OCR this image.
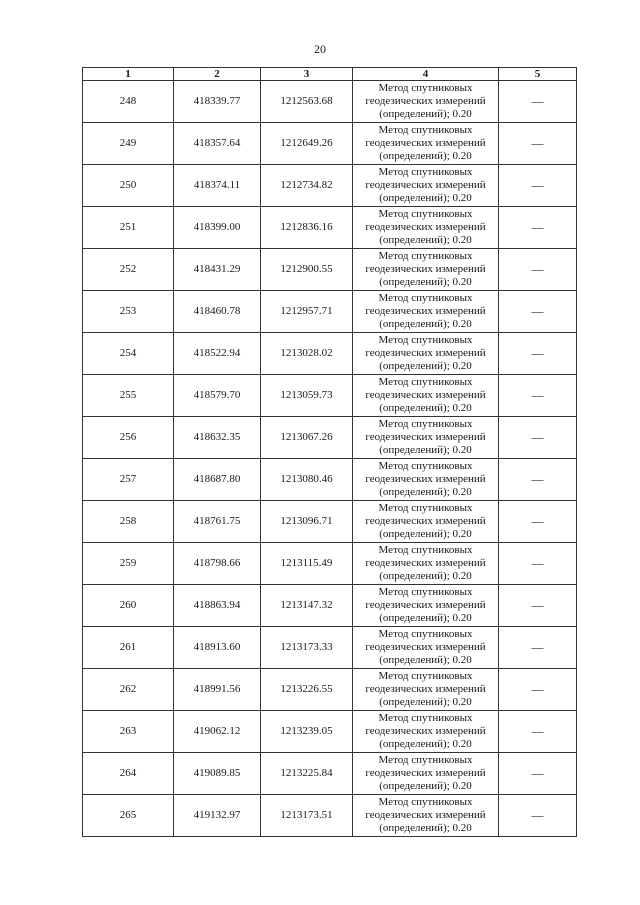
20
1	2	3	4	5
248	418339.77	1212563.68	Метод спутниковых
геодезических измерений
(определений); 0.20	—
249	418357.64	1212649.26	Метод спутниковых
геодезических измерений
(определений); 0.20	—
250	418374.11	1212734.82	Метод спутниковых
геодезических измерений
(определений); 0.20	—
251	418399.00	1212836.16	Метод спутниковых
геодезических измерений
(определений); 0.20	—
252	418431.29	1212900.55	Метод спутниковых
геодезических измерений
(определений); 0.20	—
253	418460.78	1212957.71	Метод спутниковых
геодезических измерений
(определений); 0.20	—
254	418522.94	1213028.02	Метод спутниковых
геодезических измерений
(определений); 0.20	—
255	418579.70	1213059.73	Метод спутниковых
геодезических измерений
(определений); 0.20	—
256	418632.35	1213067.26	Метод спутниковых
геодезических измерений
(определений); 0.20	—
257	418687.80	1213080.46	Метод спутниковых
геодезических измерений
(определений); 0.20	—
258	418761.75	1213096.71	Метод спутниковых
геодезических измерений
(определений); 0.20	—
259	418798.66	1213115.49	Метод спутниковых
геодезических измерений
(определений); 0.20	—
260	418863.94	1213147.32	Метод спутниковых
геодезических измерений
(определений); 0.20	—
261	418913.60	1213173.33	Метод спутниковых
геодезических измерений
(определений); 0.20	—
262	418991.56	1213226.55	Метод спутниковых
геодезических измерений
(определений); 0.20	—
263	419062.12	1213239.05	Метод спутниковых
геодезических измерений
(определений); 0.20	—
264	419089.85	1213225.84	Метод спутниковых
геодезических измерений
(определений); 0.20	—
265	419132.97	1213173.51	Метод спутниковых
геодезических измерений
(определений); 0.20	—
